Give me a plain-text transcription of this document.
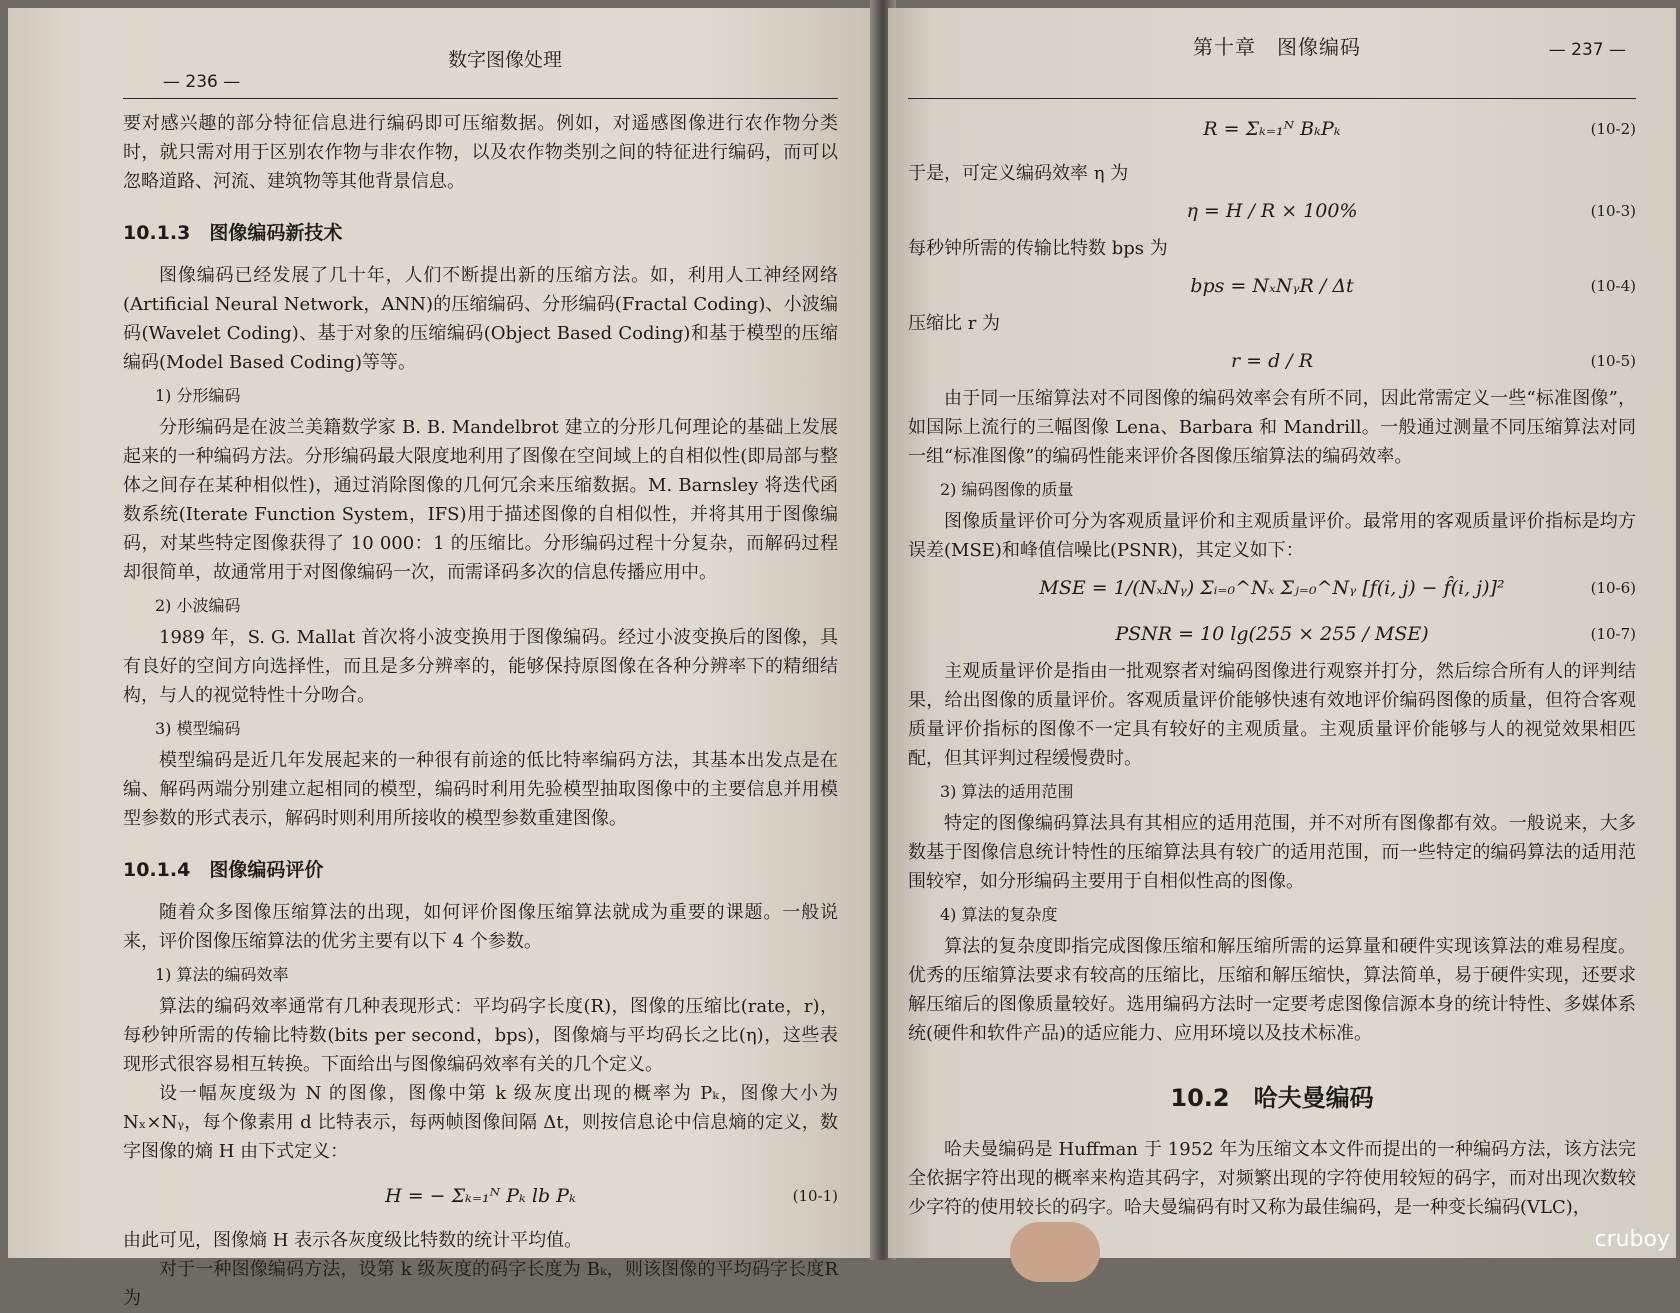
— 236 —
数字图像处理

要对感兴趣的部分特征信息进行编码即可压缩数据。例如，对遥感图像进行农作物分类时，就只需对用于区别农作物与非农作物，以及农作物类别之间的特征进行编码，而可以忽略道路、河流、建筑物等其他背景信息。

10.1.3　图像编码新技术

图像编码已经发展了几十年，人们不断提出新的压缩方法。如，利用人工神经网络(Artificial Neural Network，ANN)的压缩编码、分形编码(Fractal Coding)、小波编码(Wavelet Coding)、基于对象的压缩编码(Object Based Coding)和基于模型的压缩编码(Model Based Coding)等等。

1) 分形编码

分形编码是在波兰美籍数学家 B. B. Mandelbrot 建立的分形几何理论的基础上发展起来的一种编码方法。分形编码最大限度地利用了图像在空间域上的自相似性(即局部与整体之间存在某种相似性)，通过消除图像的几何冗余来压缩数据。M. Barnsley 将迭代函数系统(Iterate Function System，IFS)用于描述图像的自相似性，并将其用于图像编码，对某些特定图像获得了 10 000：1 的压缩比。分形编码过程十分复杂，而解码过程却很简单，故通常用于对图像编码一次，而需译码多次的信息传播应用中。

2) 小波编码

1989 年，S. G. Mallat 首次将小波变换用于图像编码。经过小波变换后的图像，具有良好的空间方向选择性，而且是多分辨率的，能够保持原图像在各种分辨率下的精细结构，与人的视觉特性十分吻合。

3) 模型编码

模型编码是近几年发展起来的一种很有前途的低比特率编码方法，其基本出发点是在编、解码两端分别建立起相同的模型，编码时利用先验模型抽取图像中的主要信息并用模型参数的形式表示，解码时则利用所接收的模型参数重建图像。

10.1.4　图像编码评价

随着众多图像压缩算法的出现，如何评价图像压缩算法就成为重要的课题。一般说来，评价图像压缩算法的优劣主要有以下 4 个参数。

1) 算法的编码效率

算法的编码效率通常有几种表现形式：平均码字长度(R)，图像的压缩比(rate，r)，每秒钟所需的传输比特数(bits per second，bps)，图像熵与平均码长之比(η)，这些表现形式很容易相互转换。下面给出与图像编码效率有关的几个定义。

设一幅灰度级为 N 的图像，图像中第 k 级灰度出现的概率为 Pₖ，图像大小为 Nₓ×Nᵧ，每个像素用 d 比特表示，每两帧图像间隔 Δt，则按信息论中信息熵的定义，数字图像的熵 H 由下式定义：

H = − Σₖ₌₁ᴺ Pₖ lb Pₖ	(10-1)

由此可见，图像熵 H 表示各灰度级比特数的统计平均值。

对于一种图像编码方法，设第 k 级灰度的码字长度为 Bₖ，则该图像的平均码字长度R为

第十章　图像编码	— 237 —
R = Σₖ₌₁ᴺ BₖPₖ	(10-2)

于是，可定义编码效率 η 为

η = H / R × 100%	(10-3)

每秒钟所需的传输比特数 bps 为

bps = NₓNᵧR / Δt	(10-4)

压缩比 r 为

r = d / R	(10-5)

由于同一压缩算法对不同图像的编码效率会有所不同，因此常需定义一些“标准图像”，如国际上流行的三幅图像 Lena、Barbara 和 Mandrill。一般通过测量不同压缩算法对同一组“标准图像”的编码性能来评价各图像压缩算法的编码效率。

2) 编码图像的质量

图像质量评价可分为客观质量评价和主观质量评价。最常用的客观质量评价指标是均方误差(MSE)和峰值信噪比(PSNR)，其定义如下：

MSE = 1/(NₓNᵧ) Σᵢ₌₀^Nₓ Σⱼ₌₀^Nᵧ [f(i, j) − f̂(i, j)]²	(10-6)
PSNR = 10 lg(255 × 255 / MSE)	(10-7)

主观质量评价是指由一批观察者对编码图像进行观察并打分，然后综合所有人的评判结果，给出图像的质量评价。客观质量评价能够快速有效地评价编码图像的质量，但符合客观质量评价指标的图像不一定具有较好的主观质量。主观质量评价能够与人的视觉效果相匹配，但其评判过程缓慢费时。

3) 算法的适用范围

特定的图像编码算法具有其相应的适用范围，并不对所有图像都有效。一般说来，大多数基于图像信息统计特性的压缩算法具有较广的适用范围，而一些特定的编码算法的适用范围较窄，如分形编码主要用于自相似性高的图像。

4) 算法的复杂度

算法的复杂度即指完成图像压缩和解压缩所需的运算量和硬件实现该算法的难易程度。优秀的压缩算法要求有较高的压缩比，压缩和解压缩快，算法简单，易于硬件实现，还要求解压缩后的图像质量较好。选用编码方法时一定要考虑图像信源本身的统计特性、多媒体系统(硬件和软件产品)的适应能力、应用环境以及技术标准。

10.2　哈夫曼编码

哈夫曼编码是 Huffman 于 1952 年为压缩文本文件而提出的一种编码方法，该方法完全依据字符出现的概率来构造其码字，对频繁出现的字符使用较短的码字，而对出现次数较少字符的使用较长的码字。哈夫曼编码有时又称为最佳编码，是一种变长编码(VLC)，

cruboy
